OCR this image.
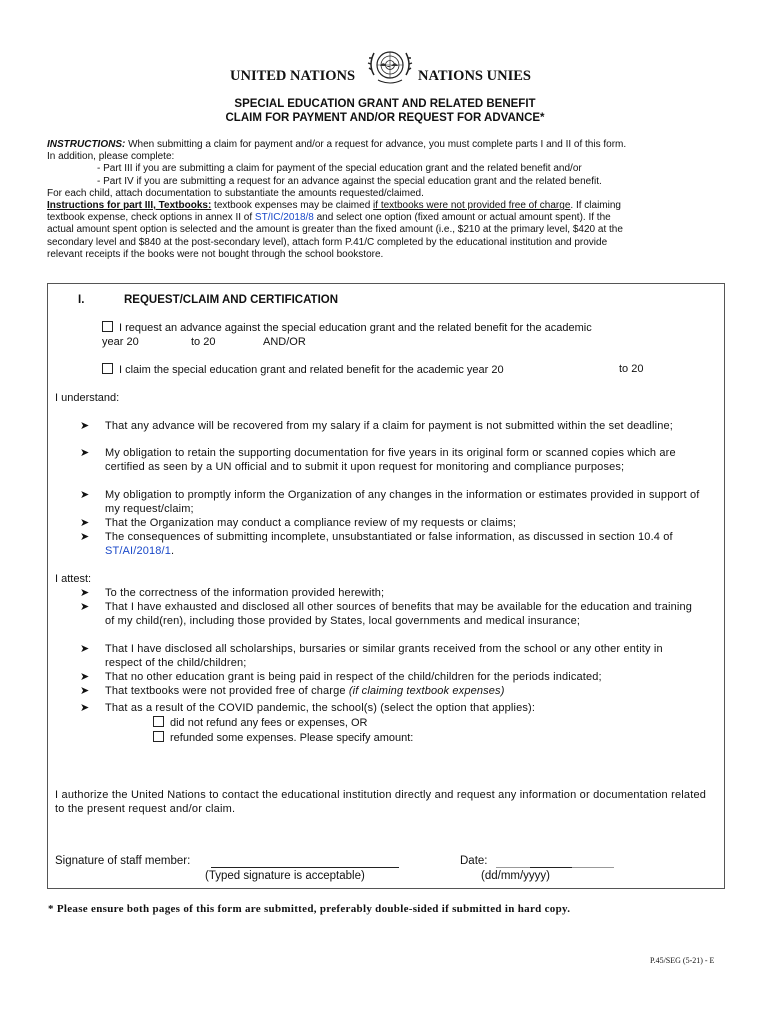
UNITED NATIONS	NATIONS UNIES
SPECIAL EDUCATION GRANT AND RELATED BENEFIT
CLAIM FOR PAYMENT AND/OR REQUEST FOR ADVANCE*

INSTRUCTIONS: When submitting a claim for payment and/or a request for advance, you must complete parts I and II of this form.

In addition, please complete:

- Part III if you are submitting a claim for payment of the special education grant and the related benefit and/or

- Part IV if you are submitting a request for an advance against the special education grant and the related benefit.

For each child, attach documentation to substantiate the amounts requested/claimed.

Instructions for part III, Textbooks: textbook expenses may be claimed if textbooks were not provided free of charge. If claiming

textbook expense, check options in annex II of ST/IC/2018/8 and select one option (fixed amount or actual amount spent). If the

actual amount spent option is selected and the amount is greater than the fixed amount (i.e., $210 at the primary level, $420 at the

secondary level and $840 at the post-secondary level), attach form P.41/C completed by the educational institution and provide

relevant receipts if the books were not bought through the school bookstore.

I.	REQUEST/CLAIM AND CERTIFICATION
I request an advance against the special education grant and the related benefit for the academic
year 20	to 20	AND/OR
I claim the special education grant and related benefit for the academic year 20	to 20
I understand:
➤	That any advance will be recovered from my salary if a claim for payment is not submitted within the set deadline;
➤	My obligation to retain the supporting documentation for five years in its original form or scanned copies which are certified as seen by a UN official and to submit it upon request for monitoring and compliance purposes;
➤	My obligation to promptly inform the Organization of any changes in the information or estimates provided in support of my request/claim;
➤	That the Organization may conduct a compliance review of my requests or claims;
➤	The consequences of submitting incomplete, unsubstantiated or false information, as discussed in section 10.4 of ST/AI/2018/1.
I attest:
➤	To the correctness of the information provided herewith;
➤	That I have exhausted and disclosed all other sources of benefits that may be available for the education and training of my child(ren), including those provided by States, local governments and medical insurance;
➤	That I have disclosed all scholarships, bursaries or similar grants received from the school or any other entity in respect of the child/children;
➤	That no other education grant is being paid in respect of the child/children for the periods indicated;
➤	That textbooks were not provided free of charge (if claiming textbook expenses)
➤	That as a result of the COVID pandemic, the school(s) (select the option that applies):
did not refund any fees or expenses, OR
refunded some expenses. Please specify amount:
I authorize the United Nations to contact the educational institution directly and request any information or documentation related to the present request and/or claim.
Signature of staff member:
(Typed signature is acceptable)
Date:
(dd/mm/yyyy)
* Please ensure both pages of this form are submitted, preferably double-sided if submitted in hard copy.
P.45/SEG (5-21) - E
